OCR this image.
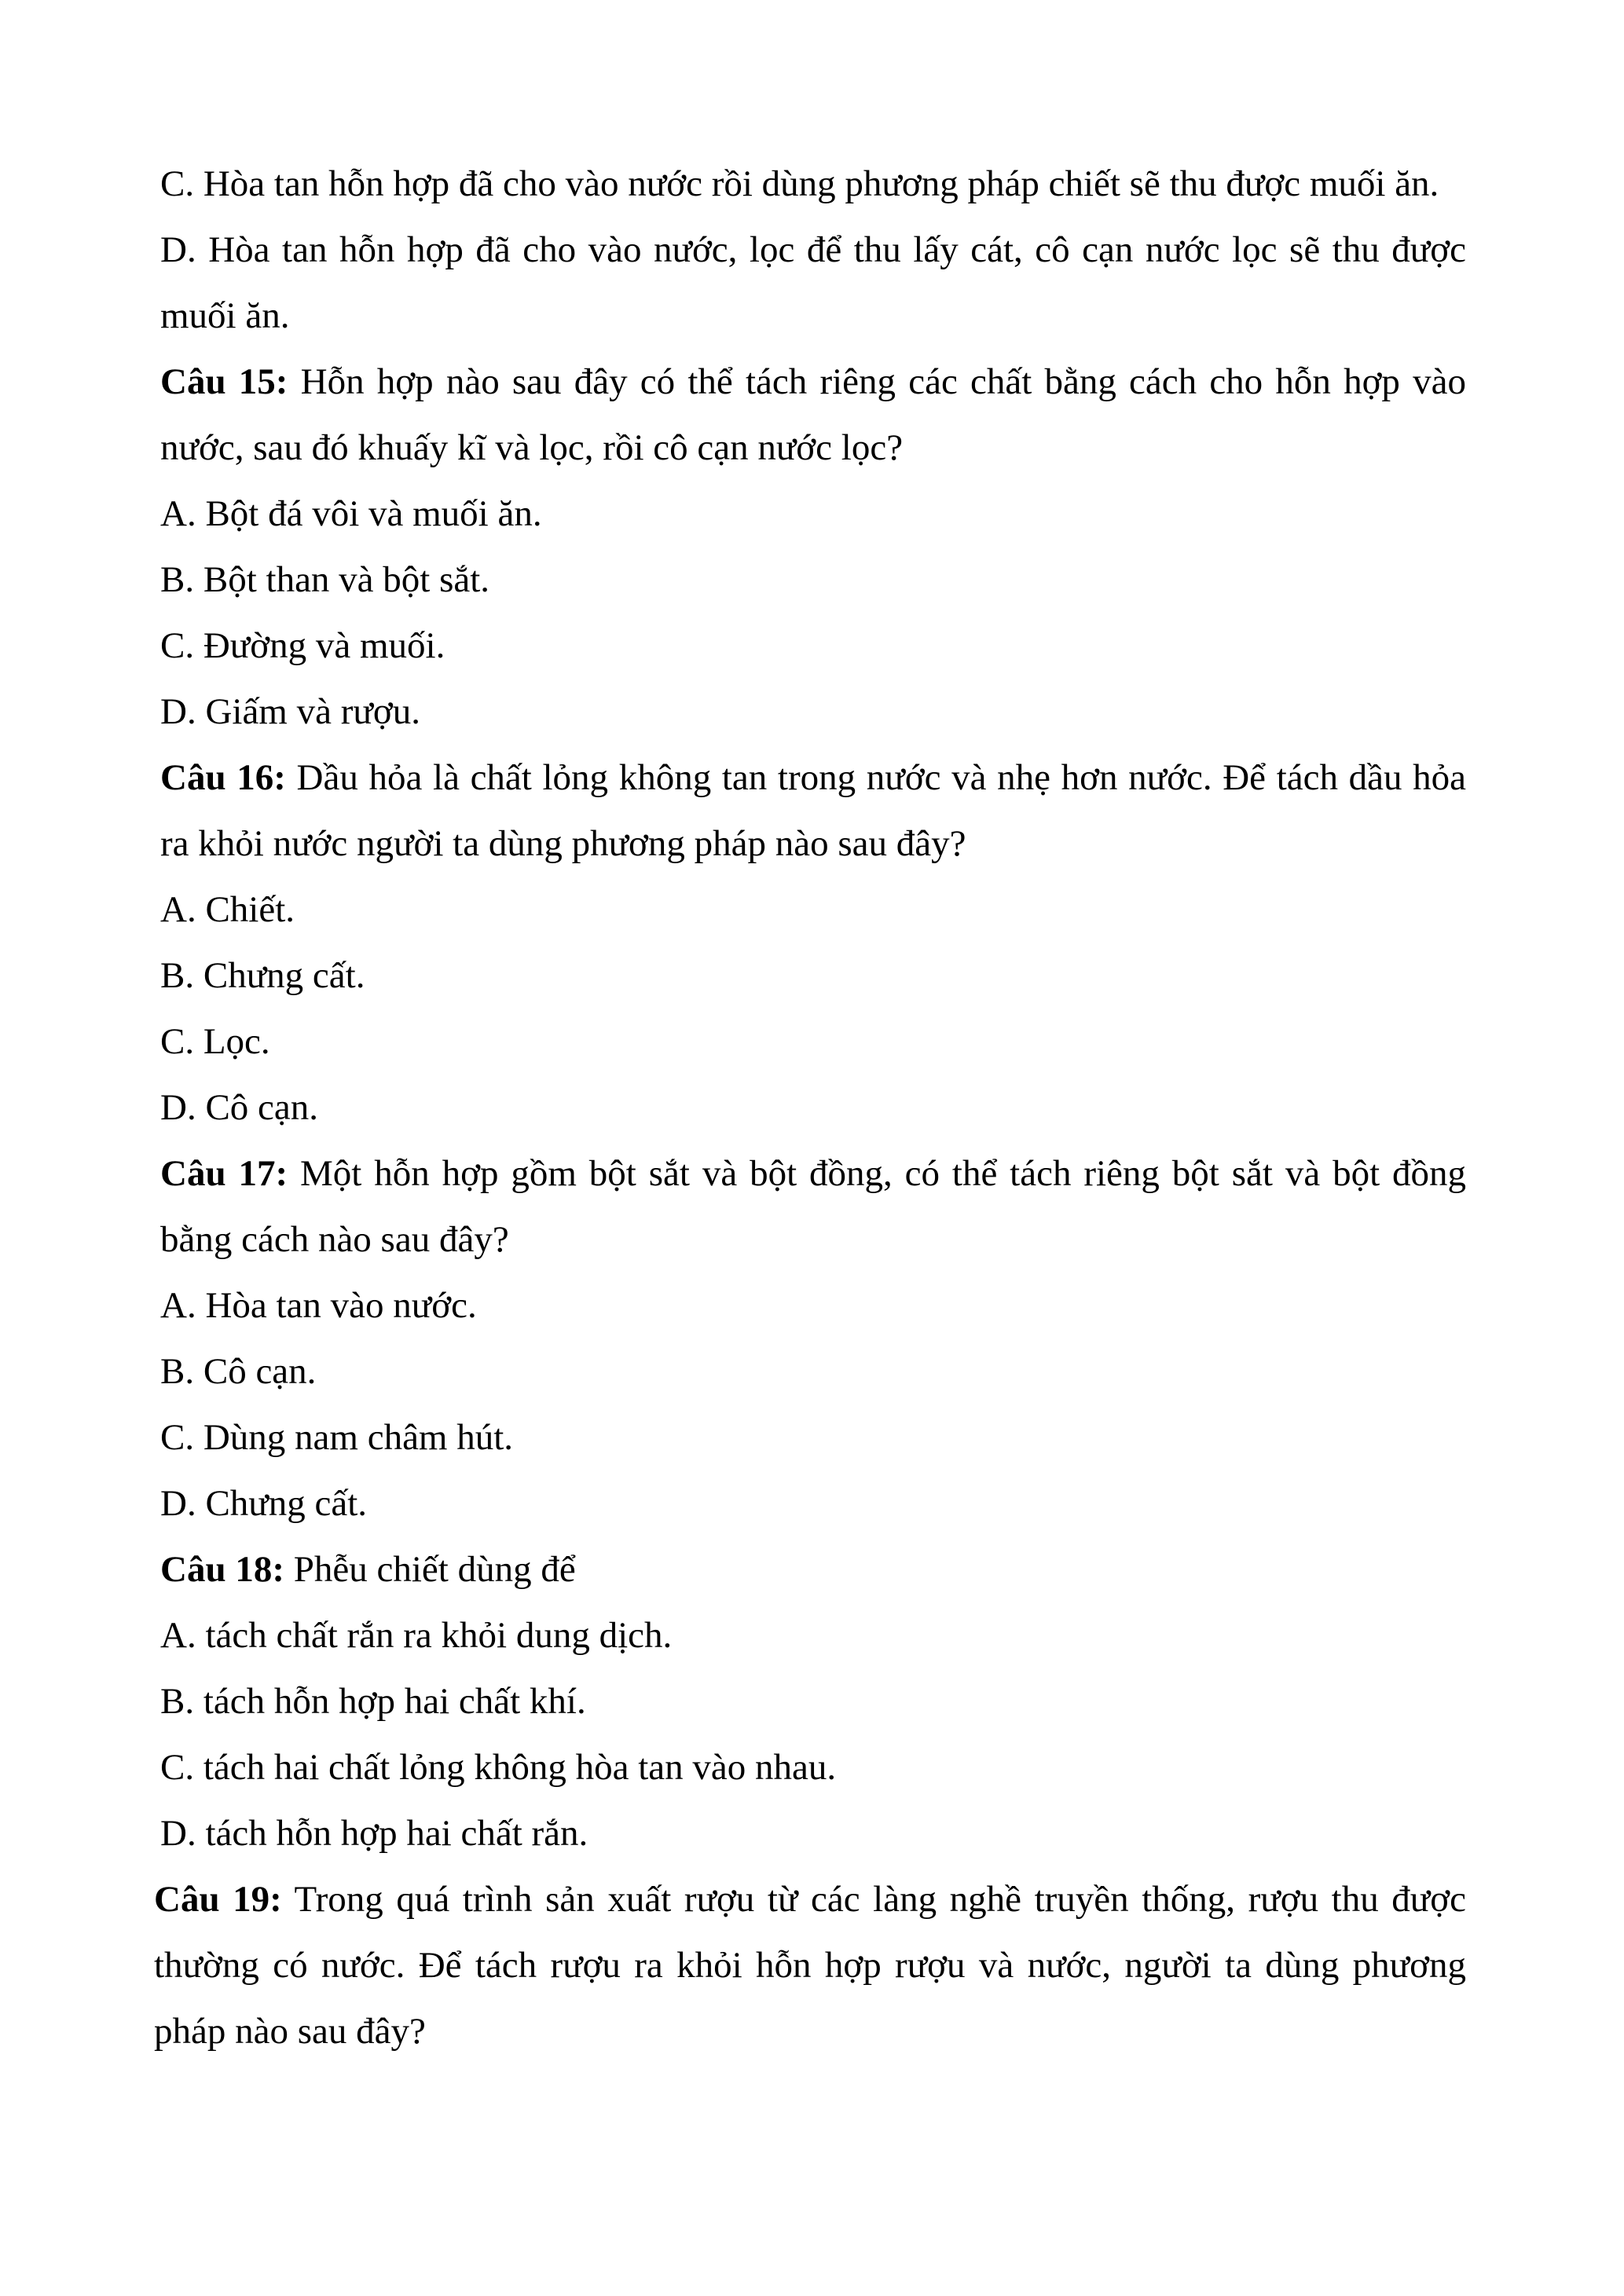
C. Hòa tan hỗn hợp đã cho vào nước rồi dùng phương pháp chiết sẽ thu được muối ăn.

D. Hòa tan hỗn hợp đã cho vào nước, lọc để thu lấy cát, cô cạn nước lọc sẽ thu được muối ăn.

Câu 15: Hỗn hợp nào sau đây có thể tách riêng các chất bằng cách cho hỗn hợp vào nước, sau đó khuấy kĩ và lọc, rồi cô cạn nước lọc?

A. Bột đá vôi và muối ăn.

B. Bột than và bột sắt.

C. Đường và muối.

D. Giấm và rượu.

Câu 16: Dầu hỏa là chất lỏng không tan trong nước và nhẹ hơn nước. Để tách dầu hỏa ra khỏi nước người ta dùng phương pháp nào sau đây?

A. Chiết.

B. Chưng cất.

C. Lọc.

D. Cô cạn.

Câu 17: Một hỗn hợp gồm bột sắt và bột đồng, có thể tách riêng bột sắt và bột đồng bằng cách nào sau đây?

A. Hòa tan vào nước.

B. Cô cạn.

C. Dùng nam châm hút.

D. Chưng cất.

Câu 18: Phễu chiết dùng để

A. tách chất rắn ra khỏi dung dịch.

B. tách hỗn hợp hai chất khí.

C. tách hai chất lỏng không hòa tan vào nhau.

D. tách hỗn hợp hai chất rắn.

Câu 19: Trong quá trình sản xuất rượu từ các làng nghề truyền thống, rượu thu được thường có nước. Để tách rượu ra khỏi hỗn hợp rượu và nước, người ta dùng phương pháp nào sau đây?
